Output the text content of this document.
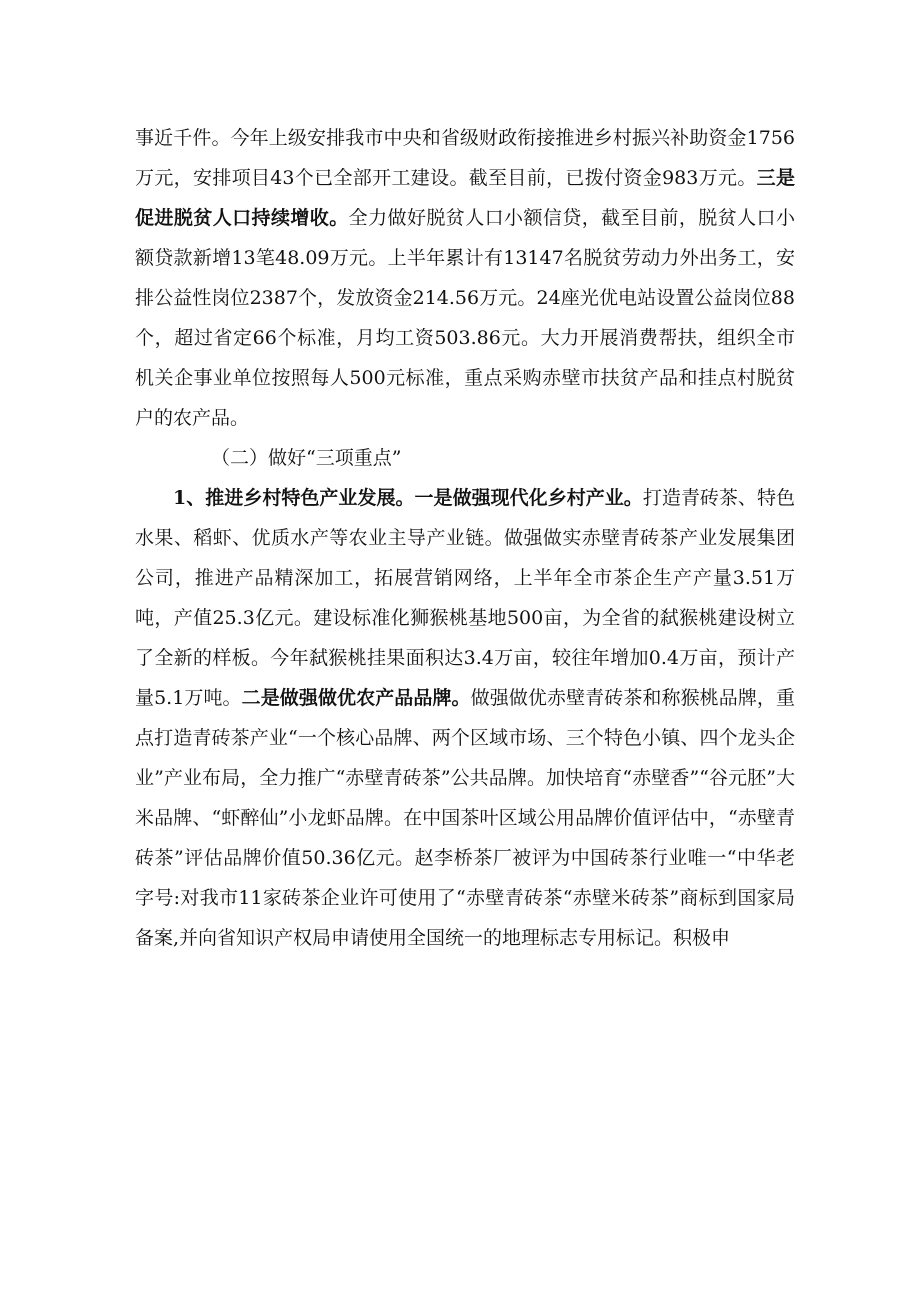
事近千件。今年上级安排我市中央和省级财政衔接推进乡村振兴补助资金1756万元，安排项目43个已全部开工建设。截至目前，已拨付资金983万元。三是促进脱贫人口持续增收。全力做好脱贫人口小额信贷，截至目前，脱贫人口小额贷款新增13笔48.09万元。上半年累计有13147名脱贫劳动力外出务工，安排公益性岗位2387个，发放资金214.56万元。24座光优电站设置公益岗位88个，超过省定66个标准，月均工资503.86元。大力开展消费帮扶，组织全市机关企事业单位按照每人500元标准，重点采购赤壁市扶贫产品和挂点村脱贫户的农产品。

（二）做好“三项重点”

1、推进乡村特色产业发展。一是做强现代化乡村产业。打造青砖茶、特色水果、稻虾、优质水产等农业主导产业链。做强做实赤壁青砖茶产业发展集团公司，推进产品精深加工，拓展营销网络，上半年全市茶企生产产量3.51万吨，产值25.3亿元。建设标准化狮猴桃基地500亩，为全省的弑猴桃建设树立了全新的样板。今年弑猴桃挂果面积达3.4万亩，较往年增加0.4万亩，预计产量5.1万吨。二是做强做优农产品品牌。做强做优赤壁青砖茶和称猴桃品牌，重点打造青砖茶产业“一个核心品牌、两个区域市场、三个特色小镇、四个龙头企业”产业布局，全力推广“赤壁青砖茶”公共品牌。加快培育“赤壁香”“谷元胚”大米品牌、“虾醉仙”小龙虾品牌。在中国茶叶区域公用品牌价值评估中，“赤壁青砖茶”评估品牌价值50.36亿元。赵李桥茶厂被评为中国砖茶行业唯一“中华老字号:对我市11家砖茶企业许可使用了“赤壁青砖茶“赤壁米砖茶”商标到国家局备案,并向省知识产权局申请使用全国统一的地理标志专用标记。积极申
